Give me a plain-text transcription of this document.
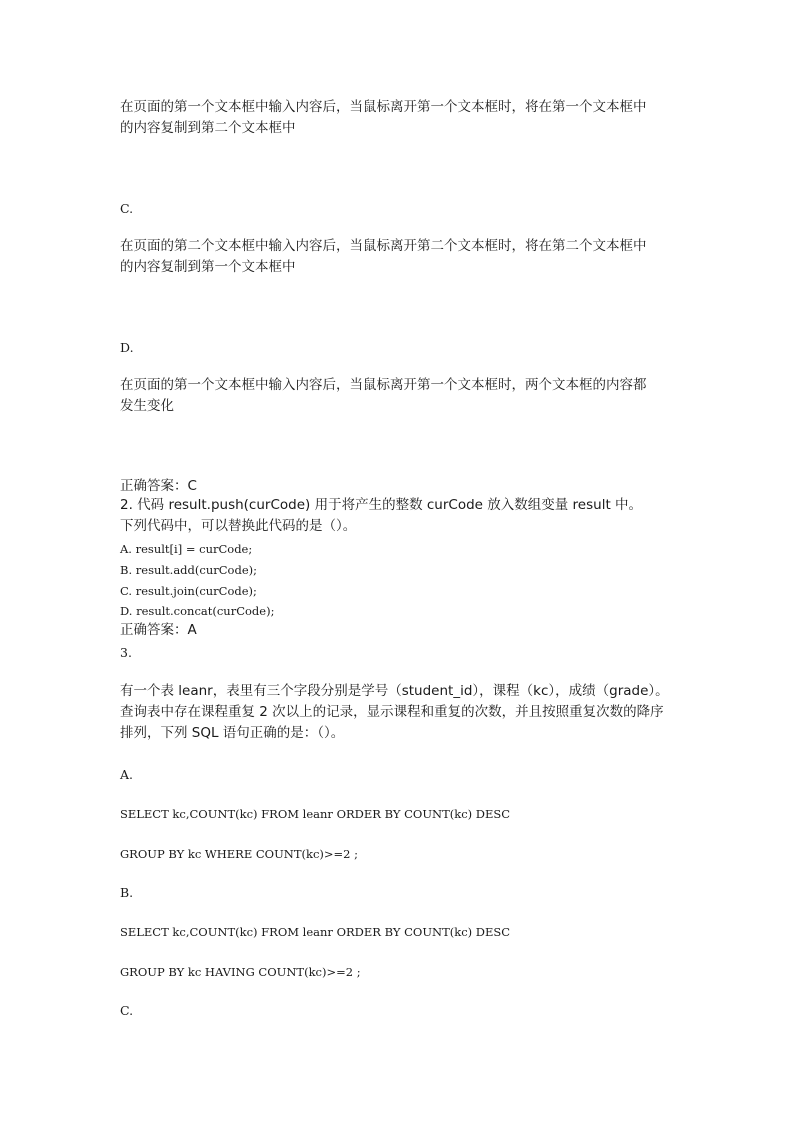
在页面的第一个文本框中输入内容后，当鼠标离开第一个文本框时，将在第一个文本框中
的内容复制到第二个文本框中
C.
在页面的第二个文本框中输入内容后，当鼠标离开第二个文本框时，将在第二个文本框中
的内容复制到第一个文本框中
D.
在页面的第一个文本框中输入内容后，当鼠标离开第一个文本框时，两个文本框的内容都
发生变化
正确答案：C
2. 代码 result.push(curCode) 用于将产生的整数 curCode 放入数组变量 result 中。
下列代码中，可以替换此代码的是（）。
A. result[i] = curCode;
B. result.add(curCode);
C. result.join(curCode);
D. result.concat(curCode);
正确答案：A
3.
有一个表 leanr，表里有三个字段分别是学号（student_id），课程（kc），成绩（grade）。
查询表中存在课程重复 2 次以上的记录，显示课程和重复的次数，并且按照重复次数的降序
排列，下列 SQL 语句正确的是：（）。
A.
SELECT kc,COUNT(kc) FROM leanr ORDER BY COUNT(kc) DESC
GROUP BY kc WHERE COUNT(kc)>=2 ;
B.
SELECT kc,COUNT(kc) FROM leanr ORDER BY COUNT(kc) DESC
GROUP BY kc HAVING COUNT(kc)>=2 ;
C.
